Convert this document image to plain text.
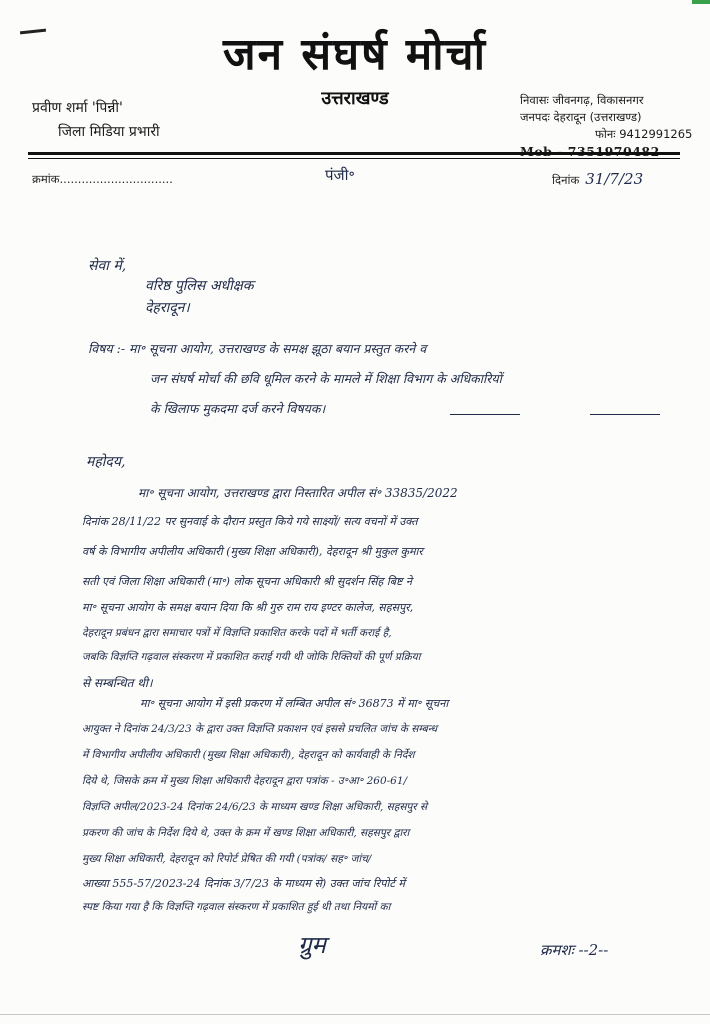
जन संघर्ष मोर्चा
उत्तराखण्ड
प्रवीण शर्मा 'पिन्नी'
जिला मिडिया प्रभारी
निवासः जीवनगढ़, विकासनगर
जनपदः देहरादून (उत्तराखण्ड)
फोनः 9412991265
क्रमांक...............................	पंजी॰	दिनांक 31/7/23
सेवा में,
वरिष्ठ पुलिस अधीक्षक
देहरादून।
विषय :- मा॰ सूचना आयोग, उत्तराखण्ड के समक्ष झूठा बयान प्रस्तुत करने व
जन संघर्ष मोर्चा की छवि धूमिल करने के मामले में शिक्षा विभाग के अधिकारियों
के खिलाफ मुकदमा दर्ज करने विषयक।
महोदय,
मा॰ सूचना आयोग, उत्तराखण्ड द्वारा निस्तारित अपील सं॰ 33835/2022
दिनांक 28/11/22 पर सुनवाई के दौरान प्रस्तुत किये गये साक्ष्यों/ सत्य वचनों में उक्त
वर्ष के विभागीय अपीलीय अधिकारी (मुख्य शिक्षा अधिकारी), देहरादून श्री मुकुल कुमार
सती एवं जिला शिक्षा अधिकारी (मा॰) लोक सूचना अधिकारी श्री सुदर्शन सिंह बिष्ट ने
मा॰ सूचना आयोग के समक्ष बयान दिया कि श्री गुरु राम राय इण्टर कालेज, सहसपुर,
देहरादून प्रबंधन द्वारा समाचार पत्रों में विज्ञप्ति प्रकाशित करके पदों में भर्ती कराई है,
जबकि विज्ञप्ति गढ़वाल संस्करण में प्रकाशित कराई गयी थी जोकि रिक्तियों की पूर्ण प्रक्रिया
से सम्बन्धित थी।
मा॰ सूचना आयोग में इसी प्रकरण में लम्बित अपील सं॰ 36873 में मा॰ सूचना
आयुक्त ने दिनांक 24/3/23 के द्वारा उक्त विज्ञप्ति प्रकाशन एवं इससे प्रचलित जांच के सम्बन्ध
में विभागीय अपीलीय अधिकारी (मुख्य शिक्षा अधिकारी), देहरादून को कार्यवाही के निर्देश
दिये थे, जिसके क्रम में मुख्य शिक्षा अधिकारी देहरादून द्वारा पत्रांक - उ॰आ॰ 260-61/
विज्ञप्ति अपील/2023-24 दिनांक 24/6/23 के माध्यम खण्ड शिक्षा अधिकारी, सहसपुर से
प्रकरण की जांच के निर्देश दिये थे, उक्त के क्रम में खण्ड शिक्षा अधिकारी, सहसपुर द्वारा
मुख्य शिक्षा अधिकारी, देहरादून को रिपोर्ट प्रेषित की गयी (पत्रांक/ सह॰ जांच/
आख्या 555-57/2023-24 दिनांक 3/7/23 के माध्यम से) उक्त जांच रिपोर्ट में
स्पष्ट किया गया है कि विज्ञप्ति गढ़वाल संस्करण में प्रकाशित हुई थी तथा नियमों का
ग्रुम	क्रमशः --2--
